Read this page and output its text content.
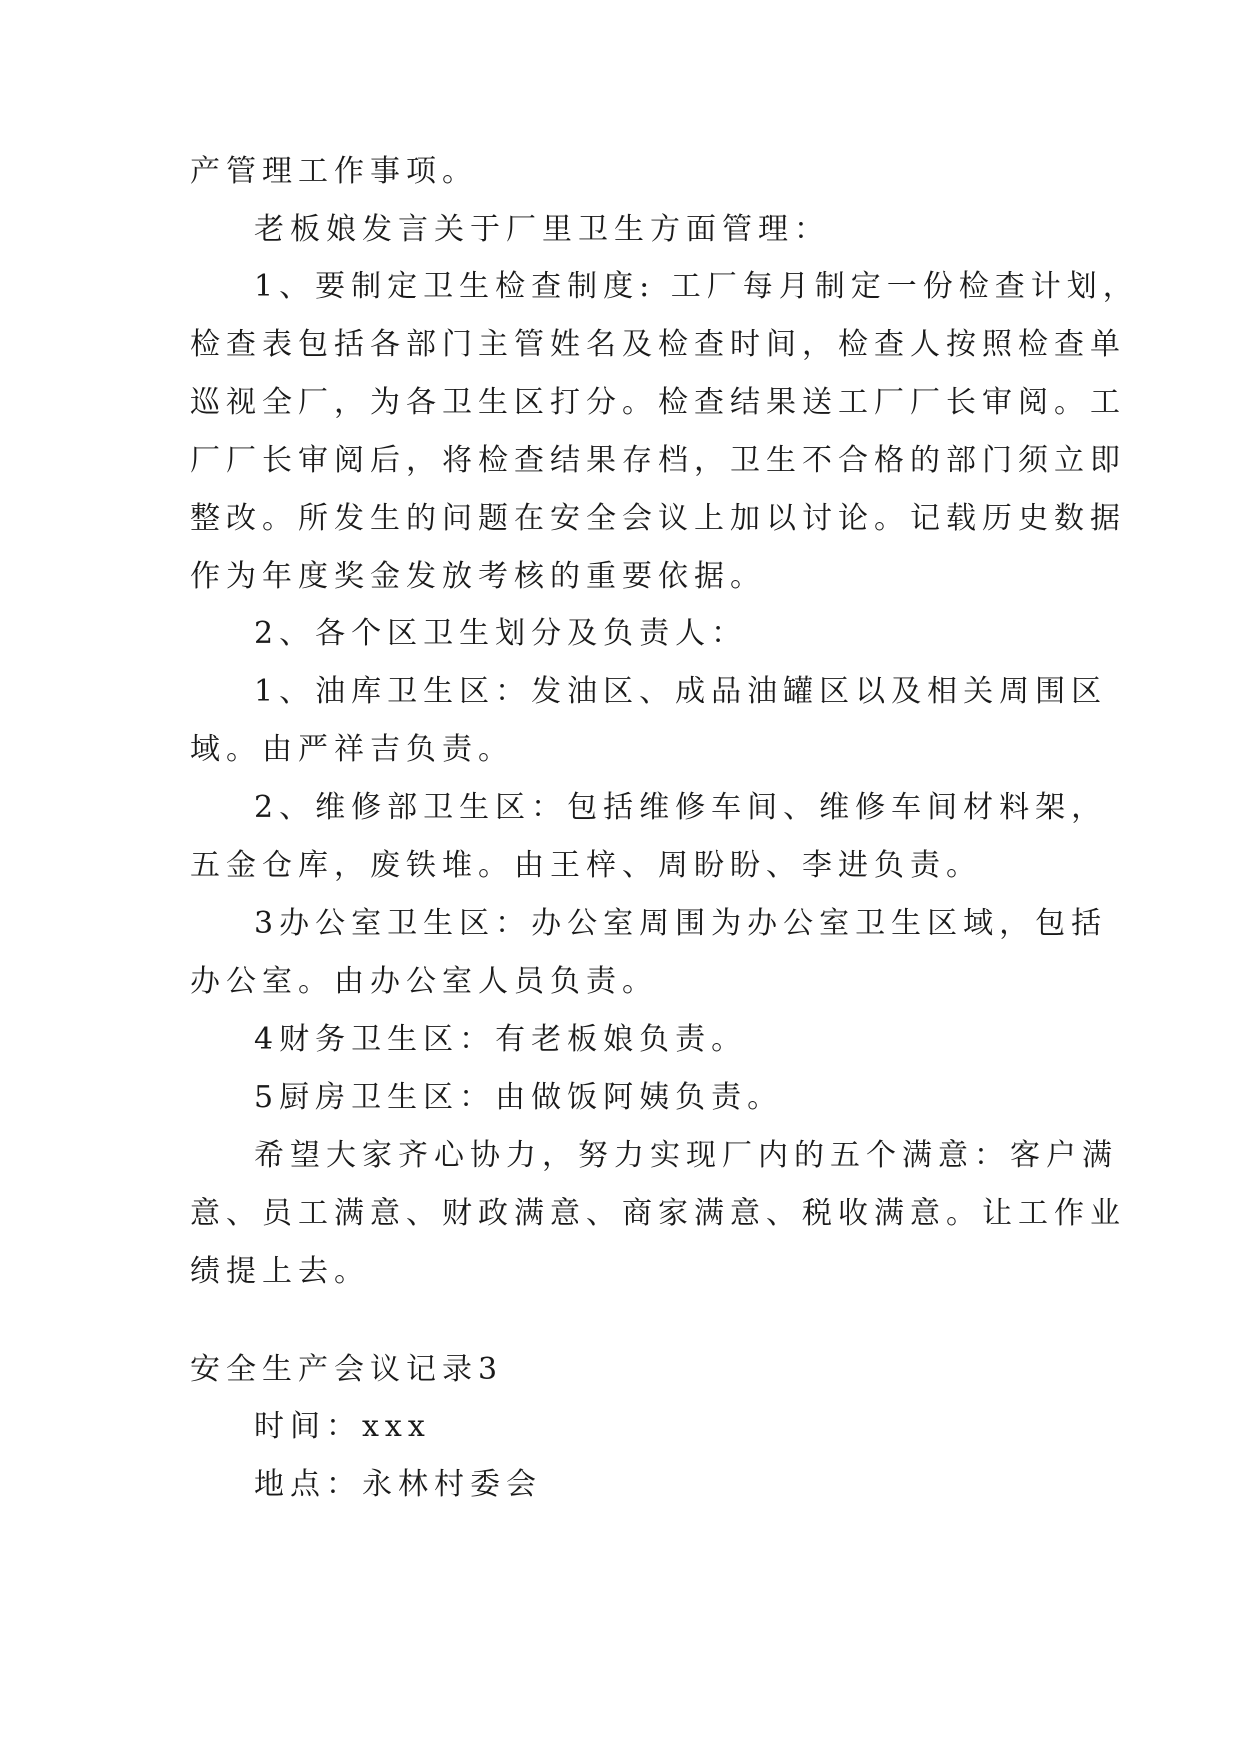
产管理工作事项。
老板娘发言关于厂里卫生方面管理：
1、要制定卫生检查制度: 工厂每月制定一份检查计划，
检查表包括各部门主管姓名及检查时间，检查人按照检查单
巡视全厂，为各卫生区打分。检查结果送工厂厂长审阅。工
厂厂长审阅后，将检查结果存档，卫生不合格的部门须立即
整改。所发生的问题在安全会议上加以讨论。记载历史数据
作为年度奖金发放考核的重要依据。
2、各个区卫生划分及负责人：
1、油库卫生区：发油区、成品油罐区以及相关周围区
域。由严祥吉负责。
2、维修部卫生区：包括维修车间、维修车间材料架，
五金仓库，废铁堆。由王梓、周盼盼、李进负责。
3办公室卫生区：办公室周围为办公室卫生区域，包括
办公室。由办公室人员负责。
4财务卫生区：有老板娘负责。
5厨房卫生区：由做饭阿姨负责。
希望大家齐心协力，努力实现厂内的五个满意：客户满
意、员工满意、财政满意、商家满意、税收满意。让工作业
绩提上去。
安全生产会议记录3
时间：xxx
地点：永林村委会
